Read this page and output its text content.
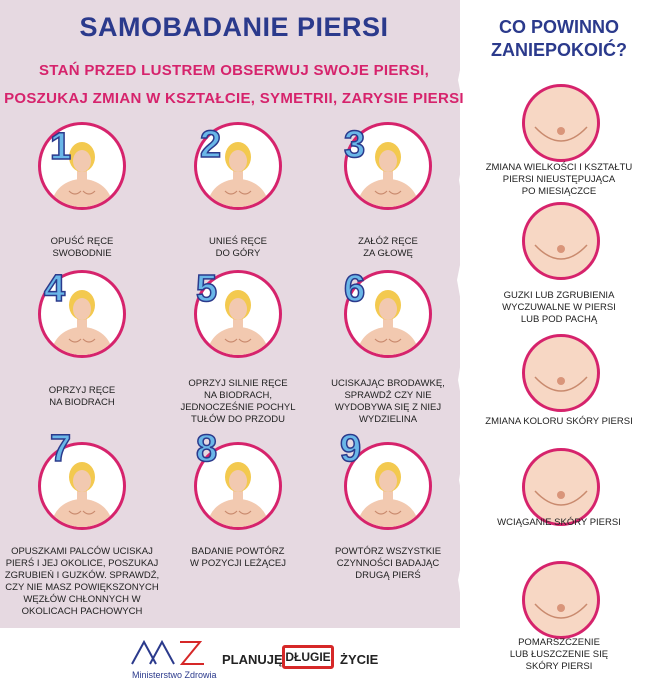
SAMOBADANIE PIERSI
STAŃ PRZED LUSTREM OBSERWUJ SWOJE PIERSI,
POSZUKAJ ZMIAN W KSZTAŁCIE, SYMETRII, ZARYSIE PIERSI
1
OPUŚĆ RĘCE
SWOBODNIE
2
UNIEŚ RĘCE
DO GÓRY
3
ZAŁÓŻ RĘCE
ZA GŁOWĘ
4
OPRZYJ RĘCE
NA BIODRACH
5
OPRZYJ SILNIE RĘCE
NA BIODRACH,
JEDNOCZEŚNIE POCHYL
TUŁÓW DO PRZODU
6
UCISKAJĄC BRODAWKĘ,
SPRAWDŹ CZY NIE
WYDOBYWA SIĘ Z NIEJ
WYDZIELINA
7
OPUSZKAMI PALCÓW UCISKAJ
PIERŚ I JEJ OKOLICE, POSZUKAJ
ZGRUBIEŃ I GUZKÓW. SPRAWDŹ,
CZY NIE MASZ POWIĘKSZONYCH
WĘZŁÓW CHŁONNYCH W
OKOLICACH PACHOWYCH
8
BADANIE POWTÓRZ
W POZYCJI LEŻĄCEJ
9
POWTÓRZ WSZYSTKIE
CZYNNOŚCI BADAJĄC
DRUGĄ PIERŚ
CO POWINNO
ZANIEPOKOIĆ?
ZMIANA WIELKOŚCI I KSZTAŁTU
PIERSI NIEUSTĘPUJĄCA
PO MIESIĄCZCE
GUZKI LUB ZGRUBIENIA
WYCZUWALNE W PIERSI
LUB POD PACHĄ
ZMIANA KOLORU SKÓRY PIERSI
WCIĄGANIE SKÓRY PIERSI
POMARSZCZENIE
LUB ŁUSZCZENIE SIĘ
SKÓRY PIERSI
Ministerstwo Zdrowia
PLANUJĘ DŁUGIE ŻYCIE
